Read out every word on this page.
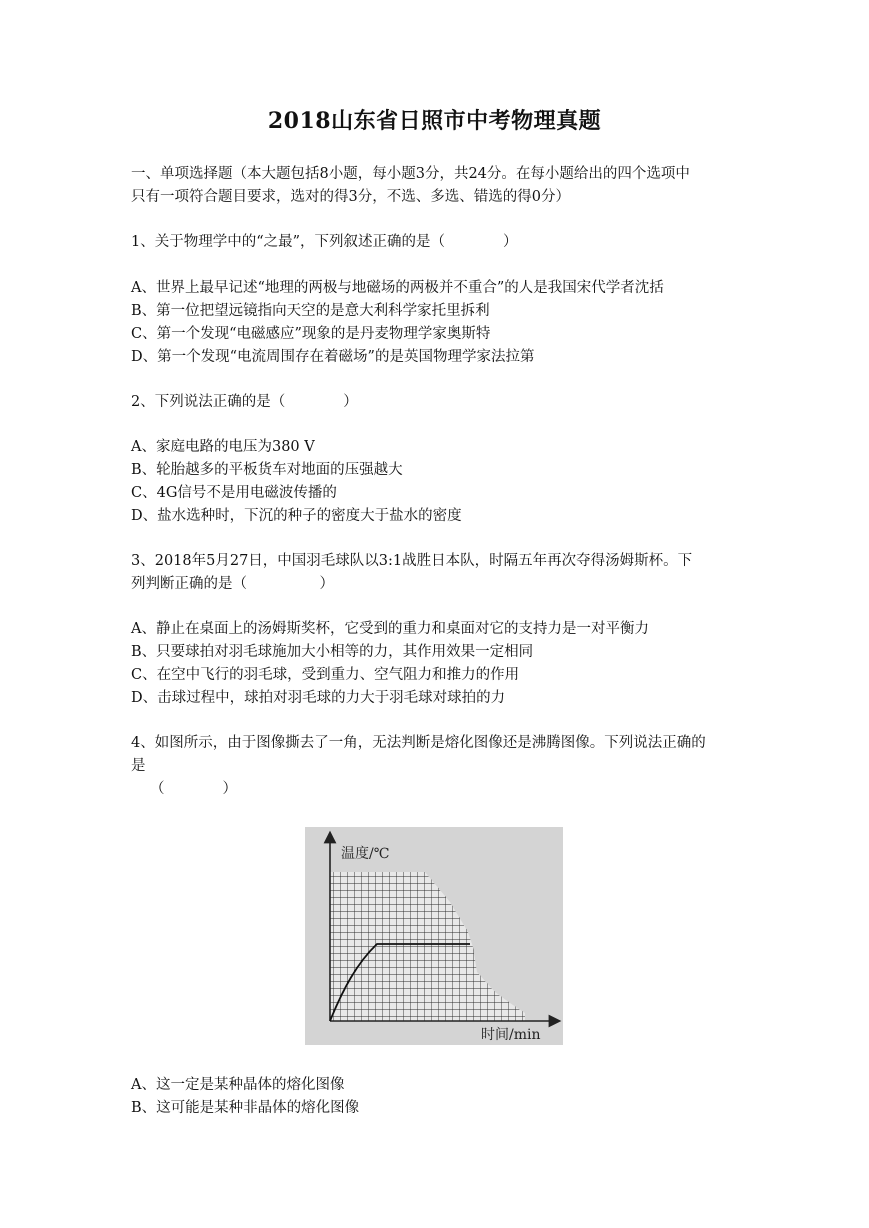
2018山东省日照市中考物理真题
一、单项选择题（本大题包括8小题，每小题3分，共24分。在每小题给出的四个选项中
只有一项符合题目要求，选对的得3分，不选、多选、错选的得0分）
1、关于物理学中的“之最”，下列叙述正确的是（　　　　）
A、世界上最早记述“地理的两极与地磁场的两极并不重合”的人是我国宋代学者沈括
B、第一位把望远镜指向天空的是意大利科学家托里拆利
C、第一个发现“电磁感应”现象的是丹麦物理学家奥斯特
D、第一个发现“电流周围存在着磁场”的是英国物理学家法拉第
2、下列说法正确的是（　　　　）
A、家庭电路的电压为380 V
B、轮胎越多的平板货车对地面的压强越大
C、4G信号不是用电磁波传播的
D、盐水选种时，下沉的种子的密度大于盐水的密度
3、2018年5月27日，中国羽毛球队以3:1战胜日本队，时隔五年再次夺得汤姆斯杯。下
列判断正确的是（　　　　　）
A、静止在桌面上的汤姆斯奖杯，它受到的重力和桌面对它的支持力是一对平衡力
B、只要球拍对羽毛球施加大小相等的力，其作用效果一定相同
C、在空中飞行的羽毛球，受到重力、空气阻力和推力的作用
D、击球过程中，球拍对羽毛球的力大于羽毛球对球拍的力
4、如图所示，由于图像撕去了一角，无法判断是熔化图像还是沸腾图像。下列说法正确的
是
（　　　　）
温度/℃
时间/min
A、这一定是某种晶体的熔化图像
B、这可能是某种非晶体的熔化图像
